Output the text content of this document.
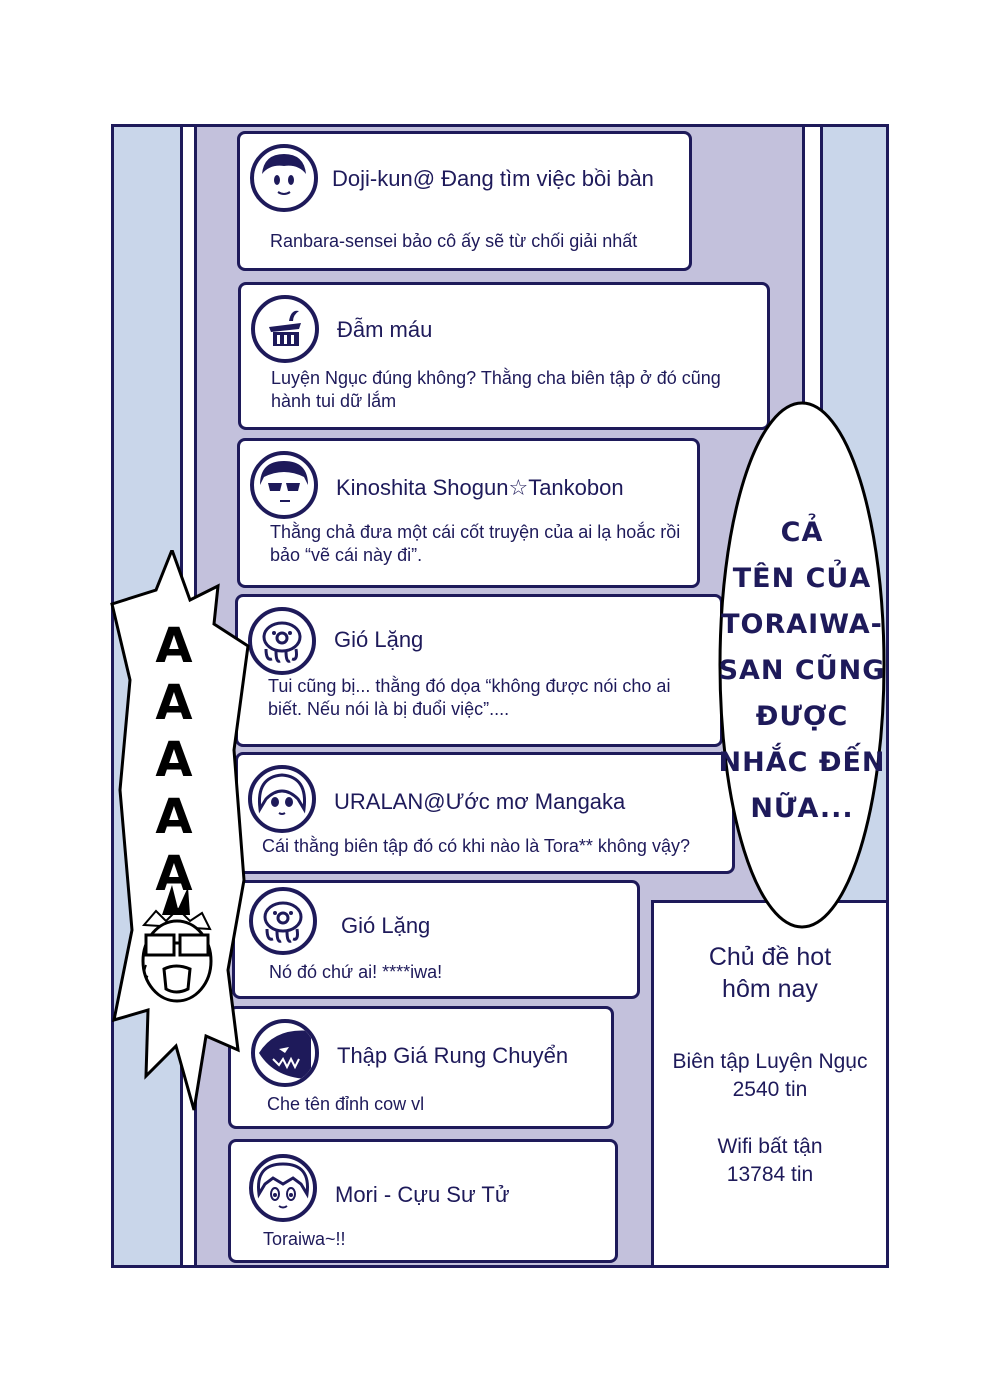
Doji-kun@ Đang tìm việc bồi bàn
Ranbara-sensei bảo cô ấy sẽ từ chối giải nhất
Đẫm máu
Luyện Ngục đúng không? Thằng cha biên tập ở đó cũng hành tui dữ lắm
Kinoshita Shogun☆Tankobon
Thằng chả đưa một cái cốt truyện của ai lạ hoắc rồi bảo “vẽ cái này đi”.
Gió Lặng
Tui cũng bị... thằng đó dọa “không được nói cho ai biết. Nếu nói là bị đuổi việc”....
URALAN@Ước mơ Mangaka
Cái thằng biên tập đó có khi nào là Tora** không vậy?
Gió Lặng
Nó đó chứ ai! ****iwa!
Thập Giá Rung Chuyển
Che tên đỉnh cow vl
Mori - Cựu Sư Tử
Toraiwa~!!
Chủ đề hot
hôm nay
Biên tập Luyện Ngục
2540 tin
Wifi bất tận
13784 tin
CẢ
TÊN CỦA
TORAIWA-
SAN CŨNG
ĐƯỢC
NHẮC ĐẾN
NỮA...
A
A
A
A
A
